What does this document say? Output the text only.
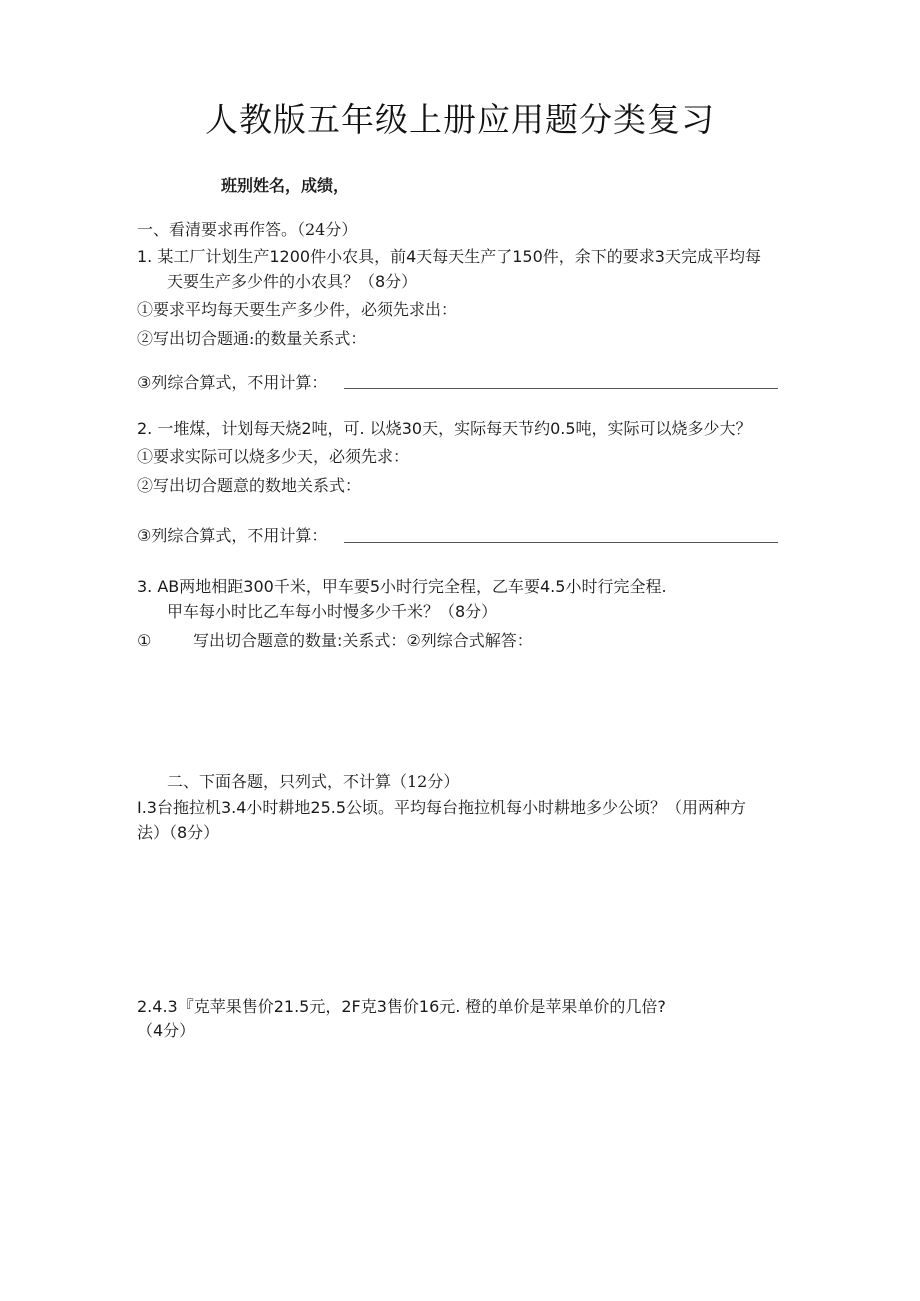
人教版五年级上册应用题分类复习
班别姓名，成绩，
一、看清要求再作答。（24分）
1. 某工厂计划生产1200件小农具，前4天每天生产了150件，余下的要求3天完成平均每
天要生产多少件的小农具？（8分）
①要求平均每天要生产多少件，必须先求出：
②写出切合题通:的数量关系式：
③列综合算式，不用计算：
2. 一堆煤，计划每天烧2吨，可. 以烧30天，实际每天节约0.5吨，实际可以烧多少大？
①要求实际可以烧多少天，必须先求：
②写出切合题意的数地关系式：
③列综合算式，不用计算：
3. AB两地相距300千米，甲车要5小时行完全程，乙车要4.5小时行完全程.
甲车每小时比乙车每小时慢多少千米？（8分）
①	写出切合题意的数量:关系式：②列综合式解答：
二、下面各题，只列式，不计算（12分）
I.3台拖拉机3.4小时耕地25.5公顷。平均每台拖拉机每小时耕地多少公顷？（用两种方
法）（8分）
2.4.3『克苹果售价21.5元，2F克3售价16元. 橙的单价是苹果单价的几倍?
（4分）
